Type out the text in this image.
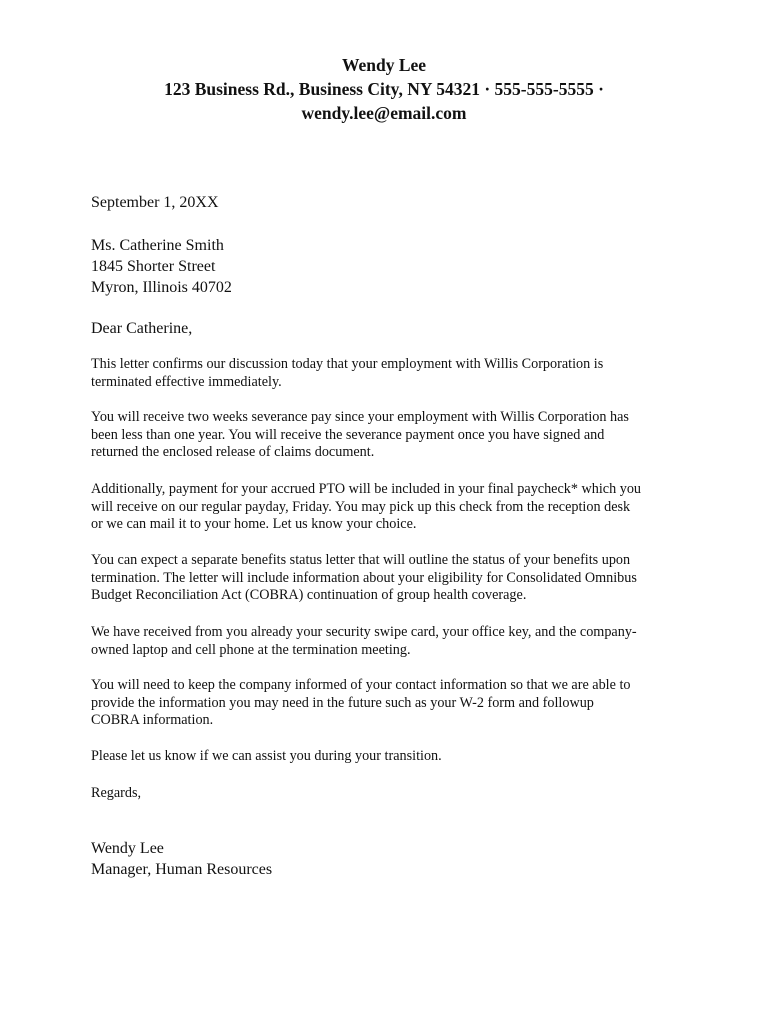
Wendy Lee
123 Business Rd., Business City, NY 54321 · 555-555-5555 ·
wendy.lee@email.com
September 1, 20XX
Ms. Catherine Smith
1845 Shorter Street
Myron, Illinois 40702
Dear Catherine,
This letter confirms our discussion today that your employment with Willis Corporation is
terminated effective immediately.
You will receive two weeks severance pay since your employment with Willis Corporation has
been less than one year. You will receive the severance payment once you have signed and
returned the enclosed release of claims document.
Additionally, payment for your accrued PTO will be included in your final paycheck* which you
will receive on our regular payday, Friday. You may pick up this check from the reception desk
or we can mail it to your home. Let us know your choice.
You can expect a separate benefits status letter that will outline the status of your benefits upon
termination. The letter will include information about your eligibility for Consolidated Omnibus
Budget Reconciliation Act (COBRA) continuation of group health coverage.
We have received from you already your security swipe card, your office key, and the company-
owned laptop and cell phone at the termination meeting.
You will need to keep the company informed of your contact information so that we are able to
provide the information you may need in the future such as your W-2 form and followup
COBRA information.
Please let us know if we can assist you during your transition.
Regards,
Wendy Lee
Manager, Human Resources
